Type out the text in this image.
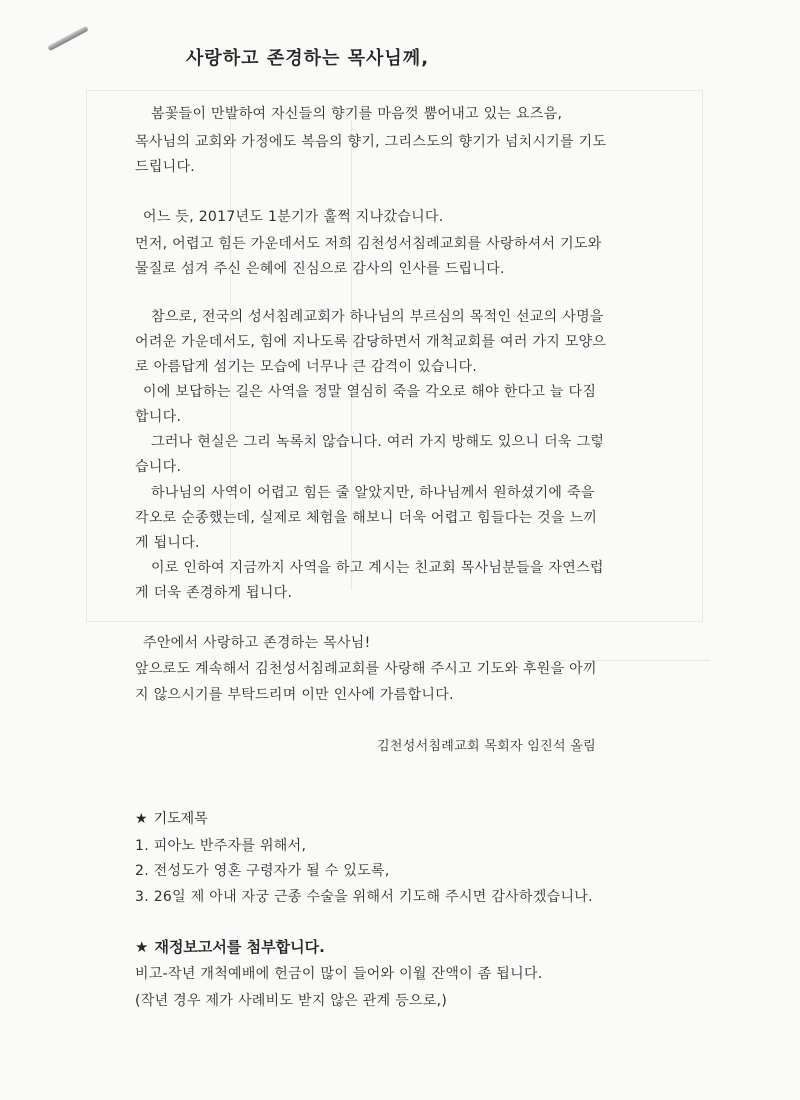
사랑하고 존경하는 목사님께,
봄꽃들이 만발하여 자신들의 향기를 마음껏 뿜어내고 있는 요즈음,
목사님의 교회와 가정에도 복음의 향기, 그리스도의 향기가 넘치시기를 기도
드립니다.
어느 듯, 2017년도 1분기가 훌쩍 지나갔습니다.
먼저, 어렵고 힘든 가운데서도 저희 김천성서침례교회를 사랑하셔서 기도와
물질로 섬겨 주신 은혜에 진심으로 감사의 인사를 드립니다.
참으로, 전국의 성서침례교회가 하나님의 부르심의 목적인 선교의 사명을
어려운 가운데서도, 힘에 지나도록 감당하면서 개척교회를 여러 가지 모양으
로 아름답게 섬기는 모습에 너무나 큰 감격이 있습니다.
이에 보답하는 길은 사역을 정말 열심히 죽을 각오로 해야 한다고 늘 다짐
합니다.
그러나 현실은 그리 녹록치 않습니다. 여러 가지 방해도 있으니 더욱 그렇
습니다.
하나님의 사역이 어렵고 힘든 줄 알았지만, 하나님께서 원하셨기에 죽을
각오로 순종했는데, 실제로 체험을 해보니 더욱 어렵고 힘들다는 것을 느끼
게 됩니다.
이로 인하여 지금까지 사역을 하고 계시는 친교회 목사님분들을 자연스럽
게 더욱 존경하게 됩니다.
주안에서 사랑하고 존경하는 목사님!
앞으로도 계속해서 김천성서침례교회를 사랑해 주시고 기도와 후원을 아끼
지 않으시기를 부탁드리며 이만 인사에 가름합니다.
김천성서침례교회 목회자 임진석 올림
★ 기도제목
1. 피아노 반주자를 위해서,
2. 전성도가 영혼 구령자가 될 수 있도록,
3. 26일 제 아내 자궁 근종 수술을 위해서 기도해 주시면 감사하겠습니나.
★ 재정보고서를 첨부합니다.
비고-작년 개척예배에 헌금이 많이 들어와 이월 잔액이 좀 됩니다.
(작년 경우 제가 사례비도 받지 않은 관계 등으로,)
